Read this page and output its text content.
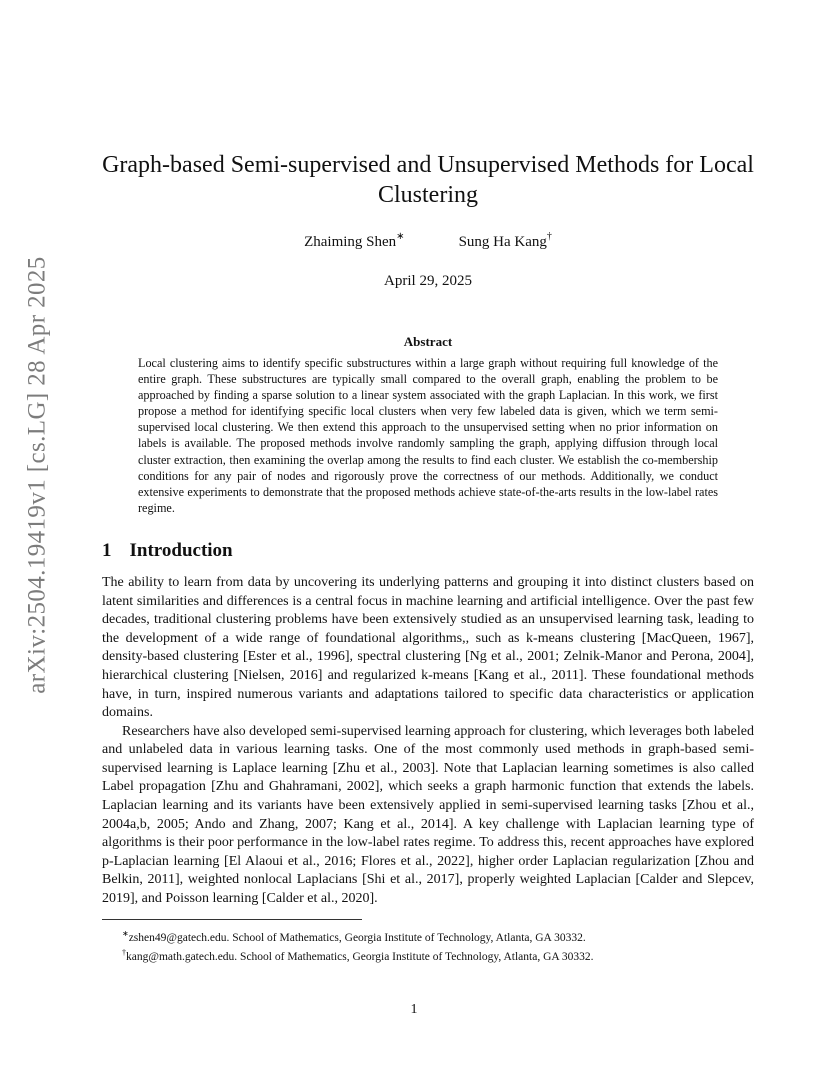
arXiv:2504.19419v1 [cs.LG] 28 Apr 2025
Graph-based Semi-supervised and Unsupervised Methods for Local Clustering
Zhaiming Shen∗	Sung Ha Kang†
April 29, 2025
Abstract
Local clustering aims to identify specific substructures within a large graph without requiring full knowledge of the entire graph. These substructures are typically small compared to the overall graph, enabling the problem to be approached by finding a sparse solution to a linear system associated with the graph Laplacian. In this work, we first propose a method for identifying specific local clusters when very few labeled data is given, which we term semi-supervised local clustering. We then extend this approach to the unsupervised setting when no prior information on labels is available. The proposed methods involve randomly sampling the graph, applying diffusion through local cluster extraction, then examining the overlap among the results to find each cluster. We establish the co-membership conditions for any pair of nodes and rigorously prove the correctness of our methods. Additionally, we conduct extensive experiments to demonstrate that the proposed methods achieve state-of-the-arts results in the low-label rates regime.
1 Introduction

The ability to learn from data by uncovering its underlying patterns and grouping it into distinct clusters based on latent similarities and differences is a central focus in machine learning and artificial intelligence. Over the past few decades, traditional clustering problems have been extensively studied as an unsupervised learning task, leading to the development of a wide range of foundational algorithms,, such as k-means clustering [MacQueen, 1967], density-based clustering [Ester et al., 1996], spectral clustering [Ng et al., 2001; Zelnik-Manor and Perona, 2004], hierarchical clustering [Nielsen, 2016] and regularized k-means [Kang et al., 2011]. These foundational methods have, in turn, inspired numerous variants and adaptations tailored to specific data characteristics or application domains.

Researchers have also developed semi-supervised learning approach for clustering, which leverages both labeled and unlabeled data in various learning tasks. One of the most commonly used methods in graph-based semi-supervised learning is Laplace learning [Zhu et al., 2003]. Note that Laplacian learning sometimes is also called Label propagation [Zhu and Ghahramani, 2002], which seeks a graph harmonic function that extends the labels. Laplacian learning and its variants have been extensively applied in semi-supervised learning tasks [Zhou et al., 2004a,b, 2005; Ando and Zhang, 2007; Kang et al., 2014]. A key challenge with Laplacian learning type of algorithms is their poor performance in the low-label rates regime. To address this, recent approaches have explored p-Laplacian learning [El Alaoui et al., 2016; Flores et al., 2022], higher order Laplacian regularization [Zhou and Belkin, 2011], weighted nonlocal Laplacians [Shi et al., 2017], properly weighted Laplacian [Calder and Slepcev, 2019], and Poisson learning [Calder et al., 2020].

∗zshen49@gatech.edu. School of Mathematics, Georgia Institute of Technology, Atlanta, GA 30332.
†kang@math.gatech.edu. School of Mathematics, Georgia Institute of Technology, Atlanta, GA 30332.
1
